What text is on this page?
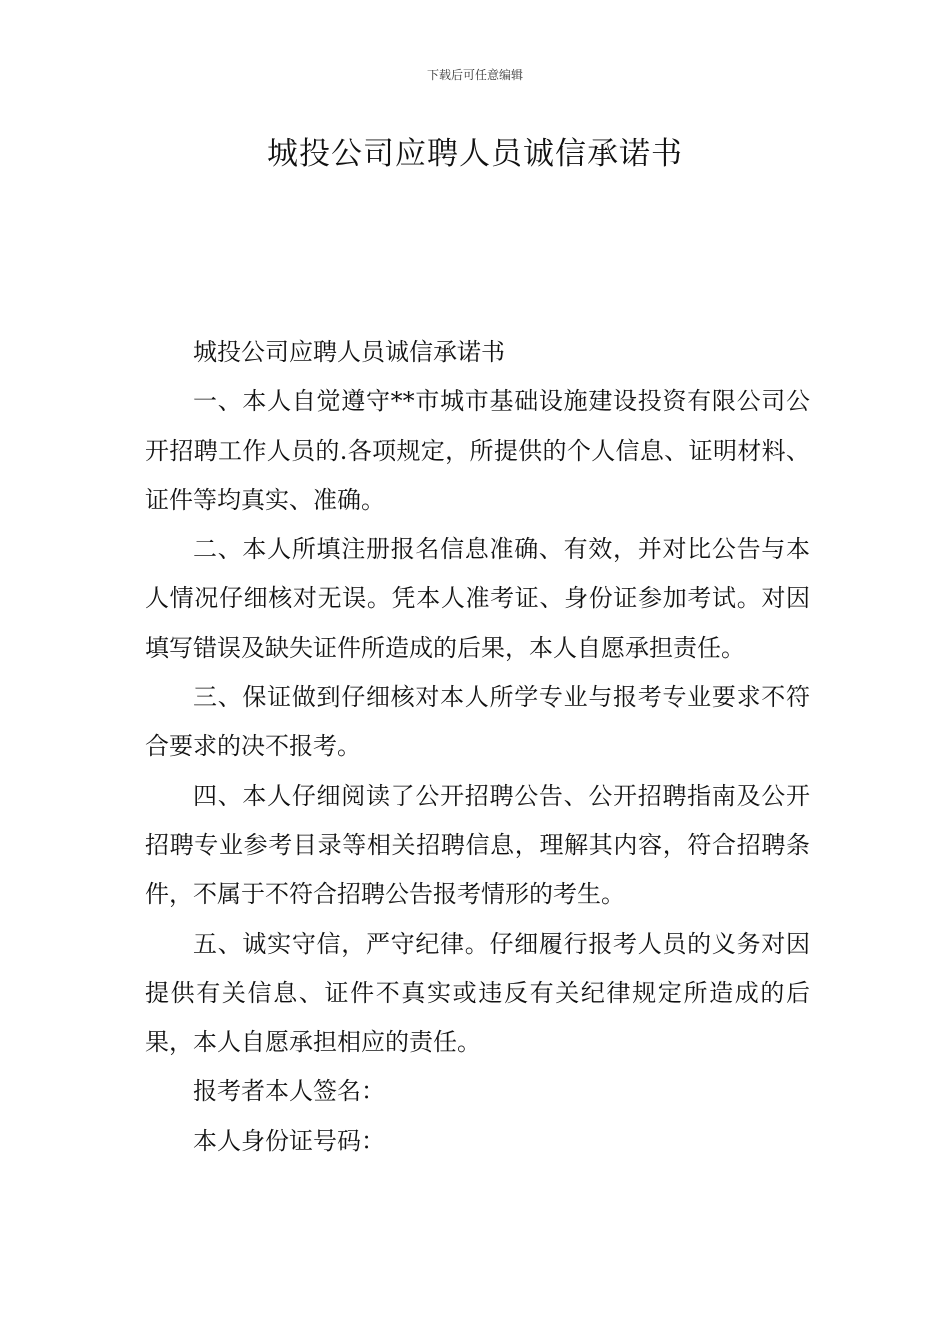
下载后可任意编辑
城投公司应聘人员诚信承诺书

城投公司应聘人员诚信承诺书

一、本人自觉遵守**市城市基础设施建设投资有限公司公开招聘工作人员的.各项规定，所提供的个人信息、证明材料、证件等均真实、准确。

二、本人所填注册报名信息准确、有效，并对比公告与本人情况仔细核对无误。凭本人准考证、身份证参加考试。对因填写错误及缺失证件所造成的后果，本人自愿承担责任。

三、保证做到仔细核对本人所学专业与报考专业要求不符合要求的决不报考。

四、本人仔细阅读了公开招聘公告、公开招聘指南及公开招聘专业参考目录等相关招聘信息，理解其内容，符合招聘条件，不属于不符合招聘公告报考情形的考生。

五、诚实守信，严守纪律。仔细履行报考人员的义务对因提供有关信息、证件不真实或违反有关纪律规定所造成的后果，本人自愿承担相应的责任。

报考者本人签名：

本人身份证号码：
